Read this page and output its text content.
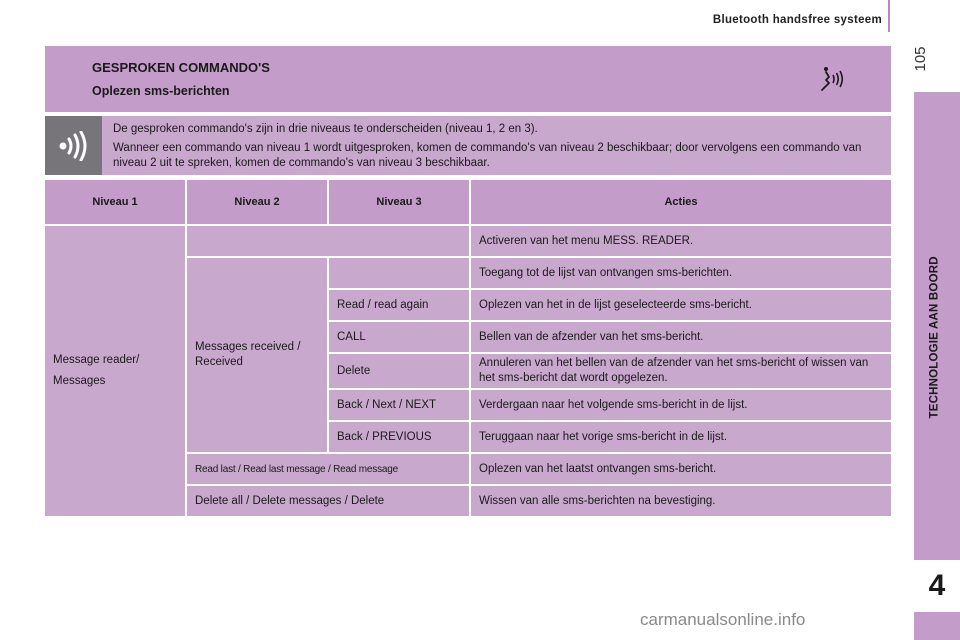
Bluetooth handsfree systeem
105
TECHNOLOGIE AAN BOORD
4
GESPROKEN COMMANDO'S
Oplezen sms-berichten

De gesproken commando's zijn in drie niveaus te onderscheiden (niveau 1, 2 en 3).

Wanneer een commando van niveau 1 wordt uitgesproken, komen de commando's van niveau 2 beschikbaar; door vervolgens een commando van niveau 2 uit te spreken, komen de commando's van niveau 3 beschikbaar.

Niveau 1	Niveau 2	Niveau 3	Acties

Message reader/
Messages			Activeren van het menu MESS. READER.

	Messages received /
Received		Toegang tot de lijst van ontvangen sms-berichten.
		Read / read again	Oplezen van het in de lijst geselecteerde sms-bericht.
		CALL	Bellen van de afzender van het sms-bericht.
		Delete	Annuleren van het bellen van de afzender van het sms-bericht of wissen van het sms-bericht dat wordt opgelezen.
		Back / Next / NEXT	Verdergaan naar het volgende sms-bericht in de lijst.
		Back / PREVIOUS	Teruggaan naar het vorige sms-bericht in de lijst.
	Read last / Read last message / Read message		Oplezen van het laatst ontvangen sms-bericht.
	Delete all / Delete messages / Delete		Wissen van alle sms-berichten na bevestiging.
carmanualsonline.info
